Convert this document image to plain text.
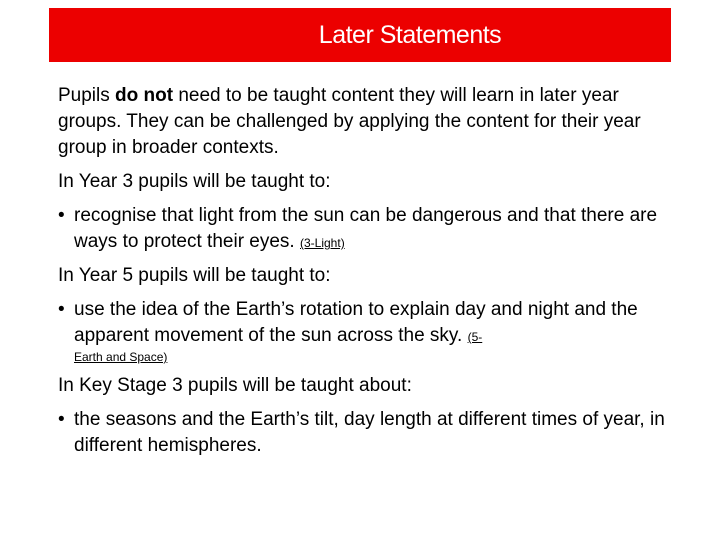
Later Statements

Pupils do not need to be taught content they will learn in later year groups. They can be challenged by applying the content for their year group in broader contexts.

In Year 3 pupils will be taught to:

• recognise that light from the sun can be dangerous and that there are ways to protect their eyes. (3-Light)

In Year 5 pupils will be taught to:

• use the idea of the Earth’s rotation to explain day and night and the apparent movement of the sun across the sky. (5-
Earth and Space)

In Key Stage 3 pupils will be taught about:

• the seasons and the Earth’s tilt, day length at different times of year, in different hemispheres.
